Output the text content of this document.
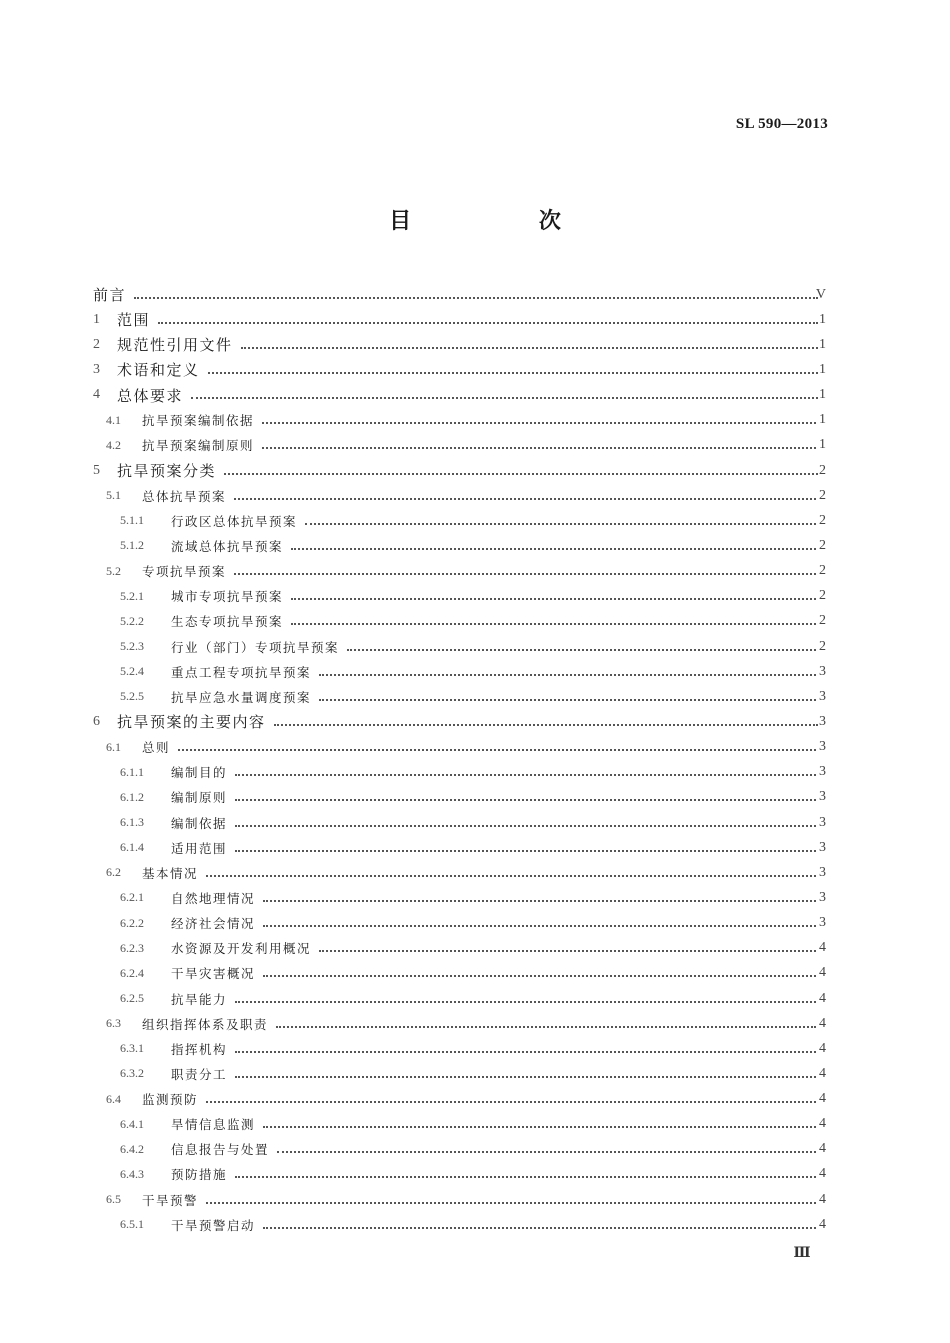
SL 590—2013
目 次
前言	V
1	范围	1
2	规范性引用文件	1
3	术语和定义	1
4	总体要求	1
4.1	抗旱预案编制依据	1
4.2	抗旱预案编制原则	1
5	抗旱预案分类	2
5.1	总体抗旱预案	2
5.1.1	行政区总体抗旱预案	2
5.1.2	流域总体抗旱预案	2
5.2	专项抗旱预案	2
5.2.1	城市专项抗旱预案	2
5.2.2	生态专项抗旱预案	2
5.2.3	行业（部门）专项抗旱预案	2
5.2.4	重点工程专项抗旱预案	3
5.2.5	抗旱应急水量调度预案	3
6	抗旱预案的主要内容	3
6.1	总则	3
6.1.1	编制目的	3
6.1.2	编制原则	3
6.1.3	编制依据	3
6.1.4	适用范围	3
6.2	基本情况	3
6.2.1	自然地理情况	3
6.2.2	经济社会情况	3
6.2.3	水资源及开发利用概况	4
6.2.4	干旱灾害概况	4
6.2.5	抗旱能力	4
6.3	组织指挥体系及职责	4
6.3.1	指挥机构	4
6.3.2	职责分工	4
6.4	监测预防	4
6.4.1	旱情信息监测	4
6.4.2	信息报告与处置	4
6.4.3	预防措施	4
6.5	干旱预警	4
6.5.1	干旱预警启动	4
Ⅲ
